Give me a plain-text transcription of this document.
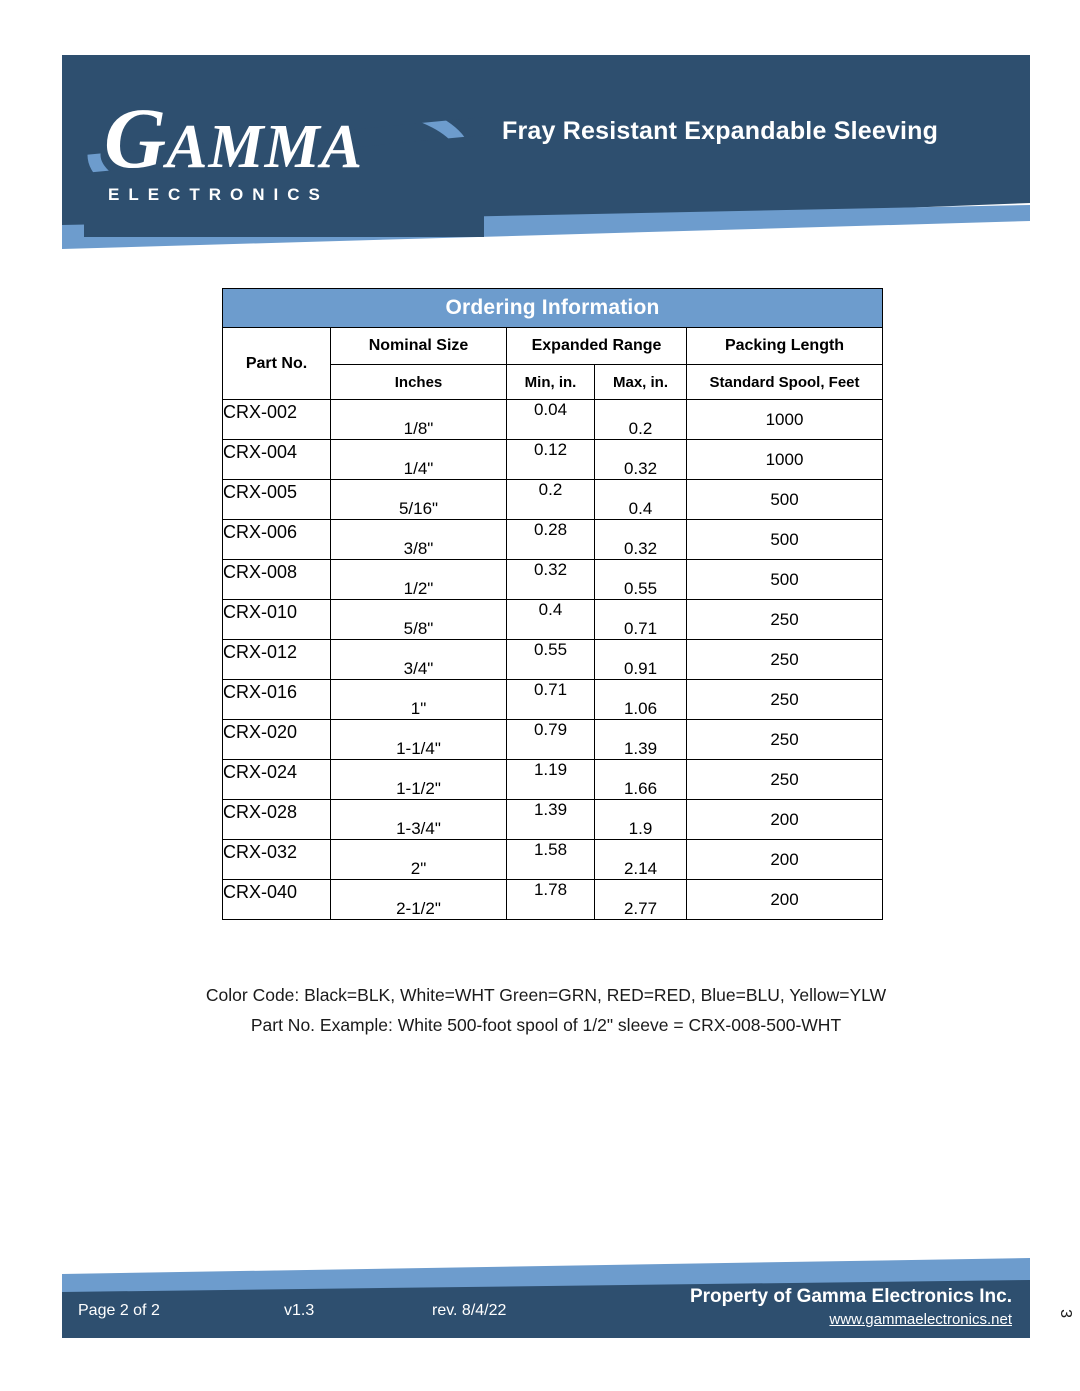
GAMMA
ELECTRONICS
Fray Resistant Expandable Sleeving
Ordering Information				
Part No.	Nominal Size	Expanded Range		Packing Length
	Inches	Min, in.	Max, in.	Standard Spool, Feet
CRX-002	1/8"	0.04	0.2	1000
CRX-004	1/4"	0.12	0.32	1000
CRX-005	5/16"	0.2	0.4	500
CRX-006	3/8"	0.28	0.32	500
CRX-008	1/2"	0.32	0.55	500
CRX-010	5/8"	0.4	0.71	250
CRX-012	3/4"	0.55	0.91	250
CRX-016	1"	0.71	1.06	250
CRX-020	1-1/4"	0.79	1.39	250
CRX-024	1-1/2"	1.19	1.66	250
CRX-028	1-3/4"	1.39	1.9	200
CRX-032	2"	1.58	2.14	200
CRX-040	2-1/2"	1.78	2.77	200
Color Code: Black=BLK, White=WHT Green=GRN, RED=RED, Blue=BLU, Yellow=YLW
Part No. Example: White 500-foot spool of 1/2" sleeve = CRX-008-500-WHT
Page 2 of 2	v1.3	rev. 8/4/22
Property of Gamma Electronics Inc.
www.gammaelectronics.net	3
